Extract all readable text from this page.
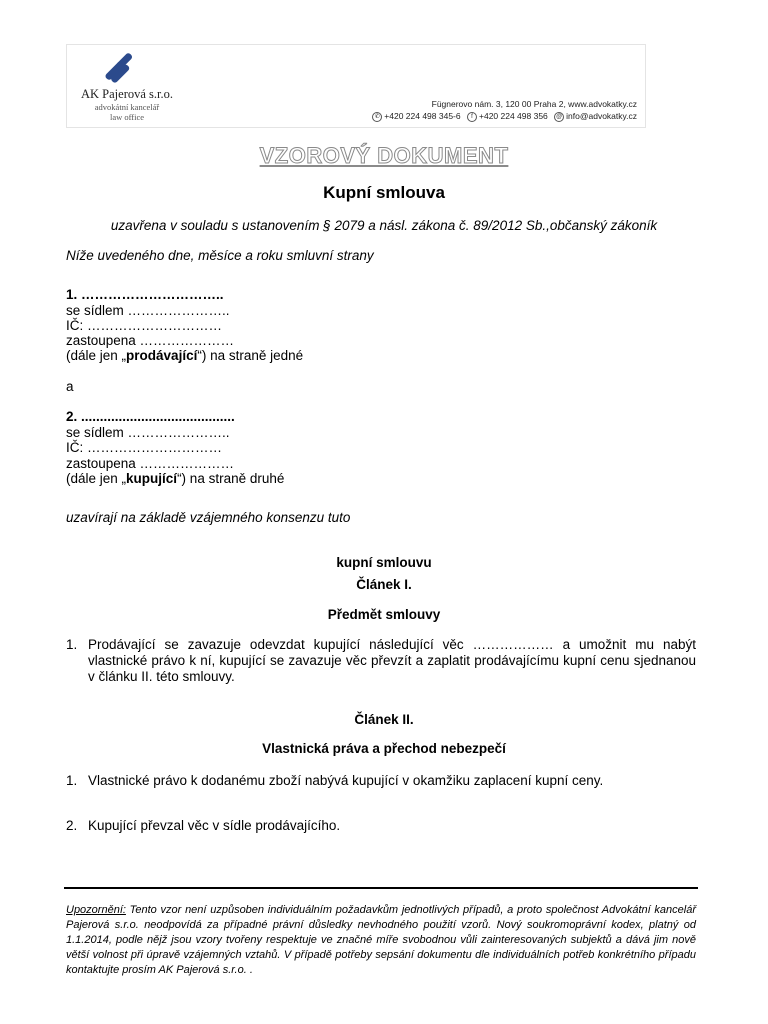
AK Pajerová s.r.o.
advokátní kancelář
law office
Fügnerovo nám. 3, 120 00 Praha 2, www.advokatky.cz
✆ +420 224 498 345-6 f +420 224 498 356 @ info@advokatky.cz
VZOROVÝ DOKUMENT
Kupní smlouva
uzavřena v souladu s ustanovením § 2079 a násl. zákona č. 89/2012 Sb.,občanský zákoník
Níže uvedeného dne, měsíce a roku smluvní strany
1. …………………………..
se sídlem …………………..
IČ: …………………………
zastoupena …………………
(dále jen „prodávající“) na straně jedné
a
2. .........................................
se sídlem …………………..
IČ: …………………………
zastoupena …………………
(dále jen „kupující“) na straně druhé
uzavírají na základě vzájemného konsenzu tuto
kupní smlouvu
Článek I.
Předmět smlouvy
1. Prodávající se zavazuje odevzdat kupující následující věc ……………… a umožnit mu nabýt vlastnické právo k ní, kupující se zavazuje věc převzít a zaplatit prodávajícímu kupní cenu sjednanou v článku II. této smlouvy.
Článek II.
Vlastnická práva a přechod nebezpečí
1. Vlastnické právo k dodanému zboží nabývá kupující v okamžiku zaplacení kupní ceny.
2. Kupující převzal věc v sídle prodávajícího.
Upozornění: Tento vzor není uzpůsoben individuálním požadavkům jednotlivých případů, a proto společnost Advokátní kancelář Pajerová s.r.o. neodpovídá za případné právní důsledky nevhodného použití vzorů. Nový soukromoprávní kodex, platný od 1.1.2014, podle nějž jsou vzory tvořeny respektuje ve značné míře svobodnou vůli zainteresovaných subjektů a dává jim nově větší volnost při úpravě vzájemných vztahů. V případě potřeby sepsání dokumentu dle individuálních potřeb konkrétního případu kontaktujte prosím AK Pajerová s.r.o. .
